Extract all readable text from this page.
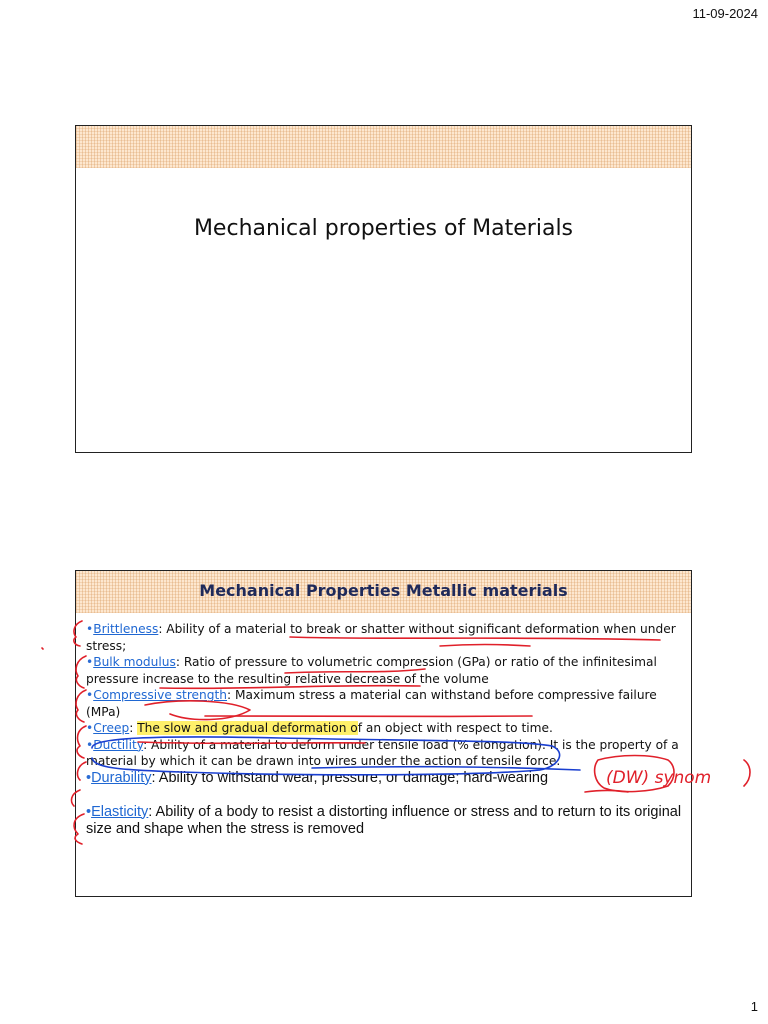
11-09-2024
Mechanical properties of Materials
Mechanical Properties Metallic materials

•Brittleness: Ability of a material to break or shatter without significant deformation when under stress;

•Bulk modulus: Ratio of pressure to volumetric compression (GPa) or ratio of the infinitesimal pressure increase to the resulting relative decrease of the volume

•Compressive strength: Maximum stress a material can withstand before compressive failure (MPa)

•Creep: The slow and gradual deformation of an object with respect to time.

•Ductility: Ability of a material to deform under tensile load (% elongation). It is the property of a material by which it can be drawn into wires under the action of tensile force.

•Durability: Ability to withstand wear, pressure, or damage; hard-wearing

•Elasticity: Ability of a body to resist a distorting influence or stress and to return to its original size and shape when the stress is removed

(DW) synom
1
